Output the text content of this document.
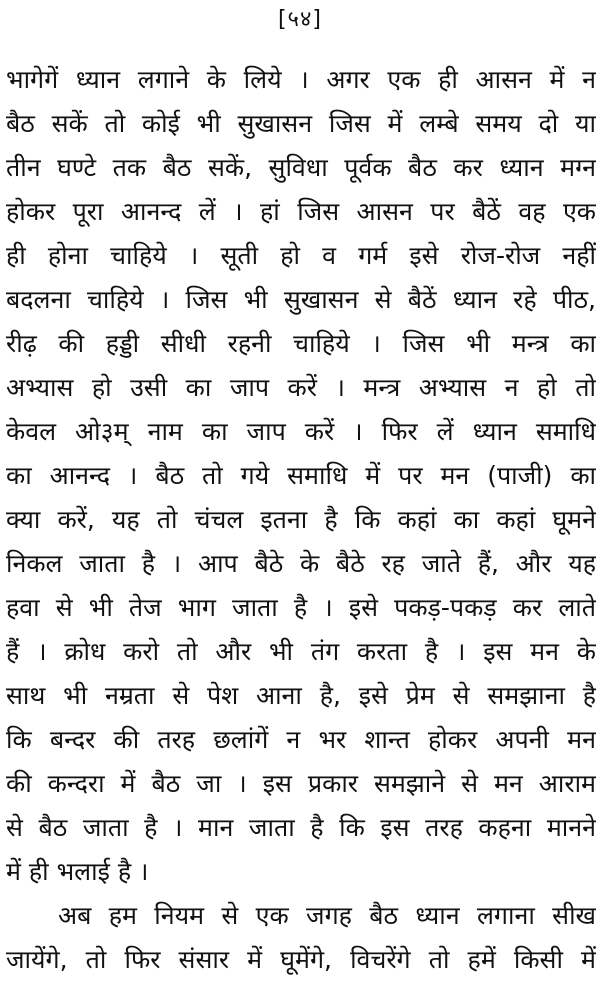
[५४]
भागेगें ध्यान लगाने के लिये । अगर एक ही आसन में न
बैठ सकें तो कोई भी सुखासन जिस में लम्बे समय दो या
तीन घण्टे तक बैठ सकें, सुविधा पूर्वक बैठ कर ध्यान मग्न
होकर पूरा आनन्द लें । हां जिस आसन पर बैठें वह एक
ही होना चाहिये । सूती हो व गर्म इसे रोज-रोज नहीं
बदलना चाहिये । जिस भी सुखासन से बैठें ध्यान रहे पीठ,
रीढ़ की हड्डी सीधी रहनी चाहिये । जिस भी मन्त्र का
अभ्यास हो उसी का जाप करें । मन्त्र अभ्यास न हो तो
केवल ओ३म् नाम का जाप करें । फिर लें ध्यान समाधि
का आनन्द । बैठ तो गये समाधि में पर मन (पाजी) का
क्या करें, यह तो चंचल इतना है कि कहां का कहां घूमने
निकल जाता है । आप बैठे के बैठे रह जाते हैं, और यह
हवा से भी तेज भाग जाता है । इसे पकड़-पकड़ कर लाते
हैं । क्रोध करो तो और भी तंग करता है । इस मन के
साथ भी नम्रता से पेश आना है, इसे प्रेम से समझाना है
कि बन्दर की तरह छलांगें न भर शान्त होकर अपनी मन
की कन्दरा में बैठ जा । इस प्रकार समझाने से मन आराम
से बैठ जाता है । मान जाता है कि इस तरह कहना मानने
में ही भलाई है ।
अब हम नियम से एक जगह बैठ ध्यान लगाना सीख
जायेंगे, तो फिर संसार में घूमेंगे, विचरेंगे तो हमें किसी में
